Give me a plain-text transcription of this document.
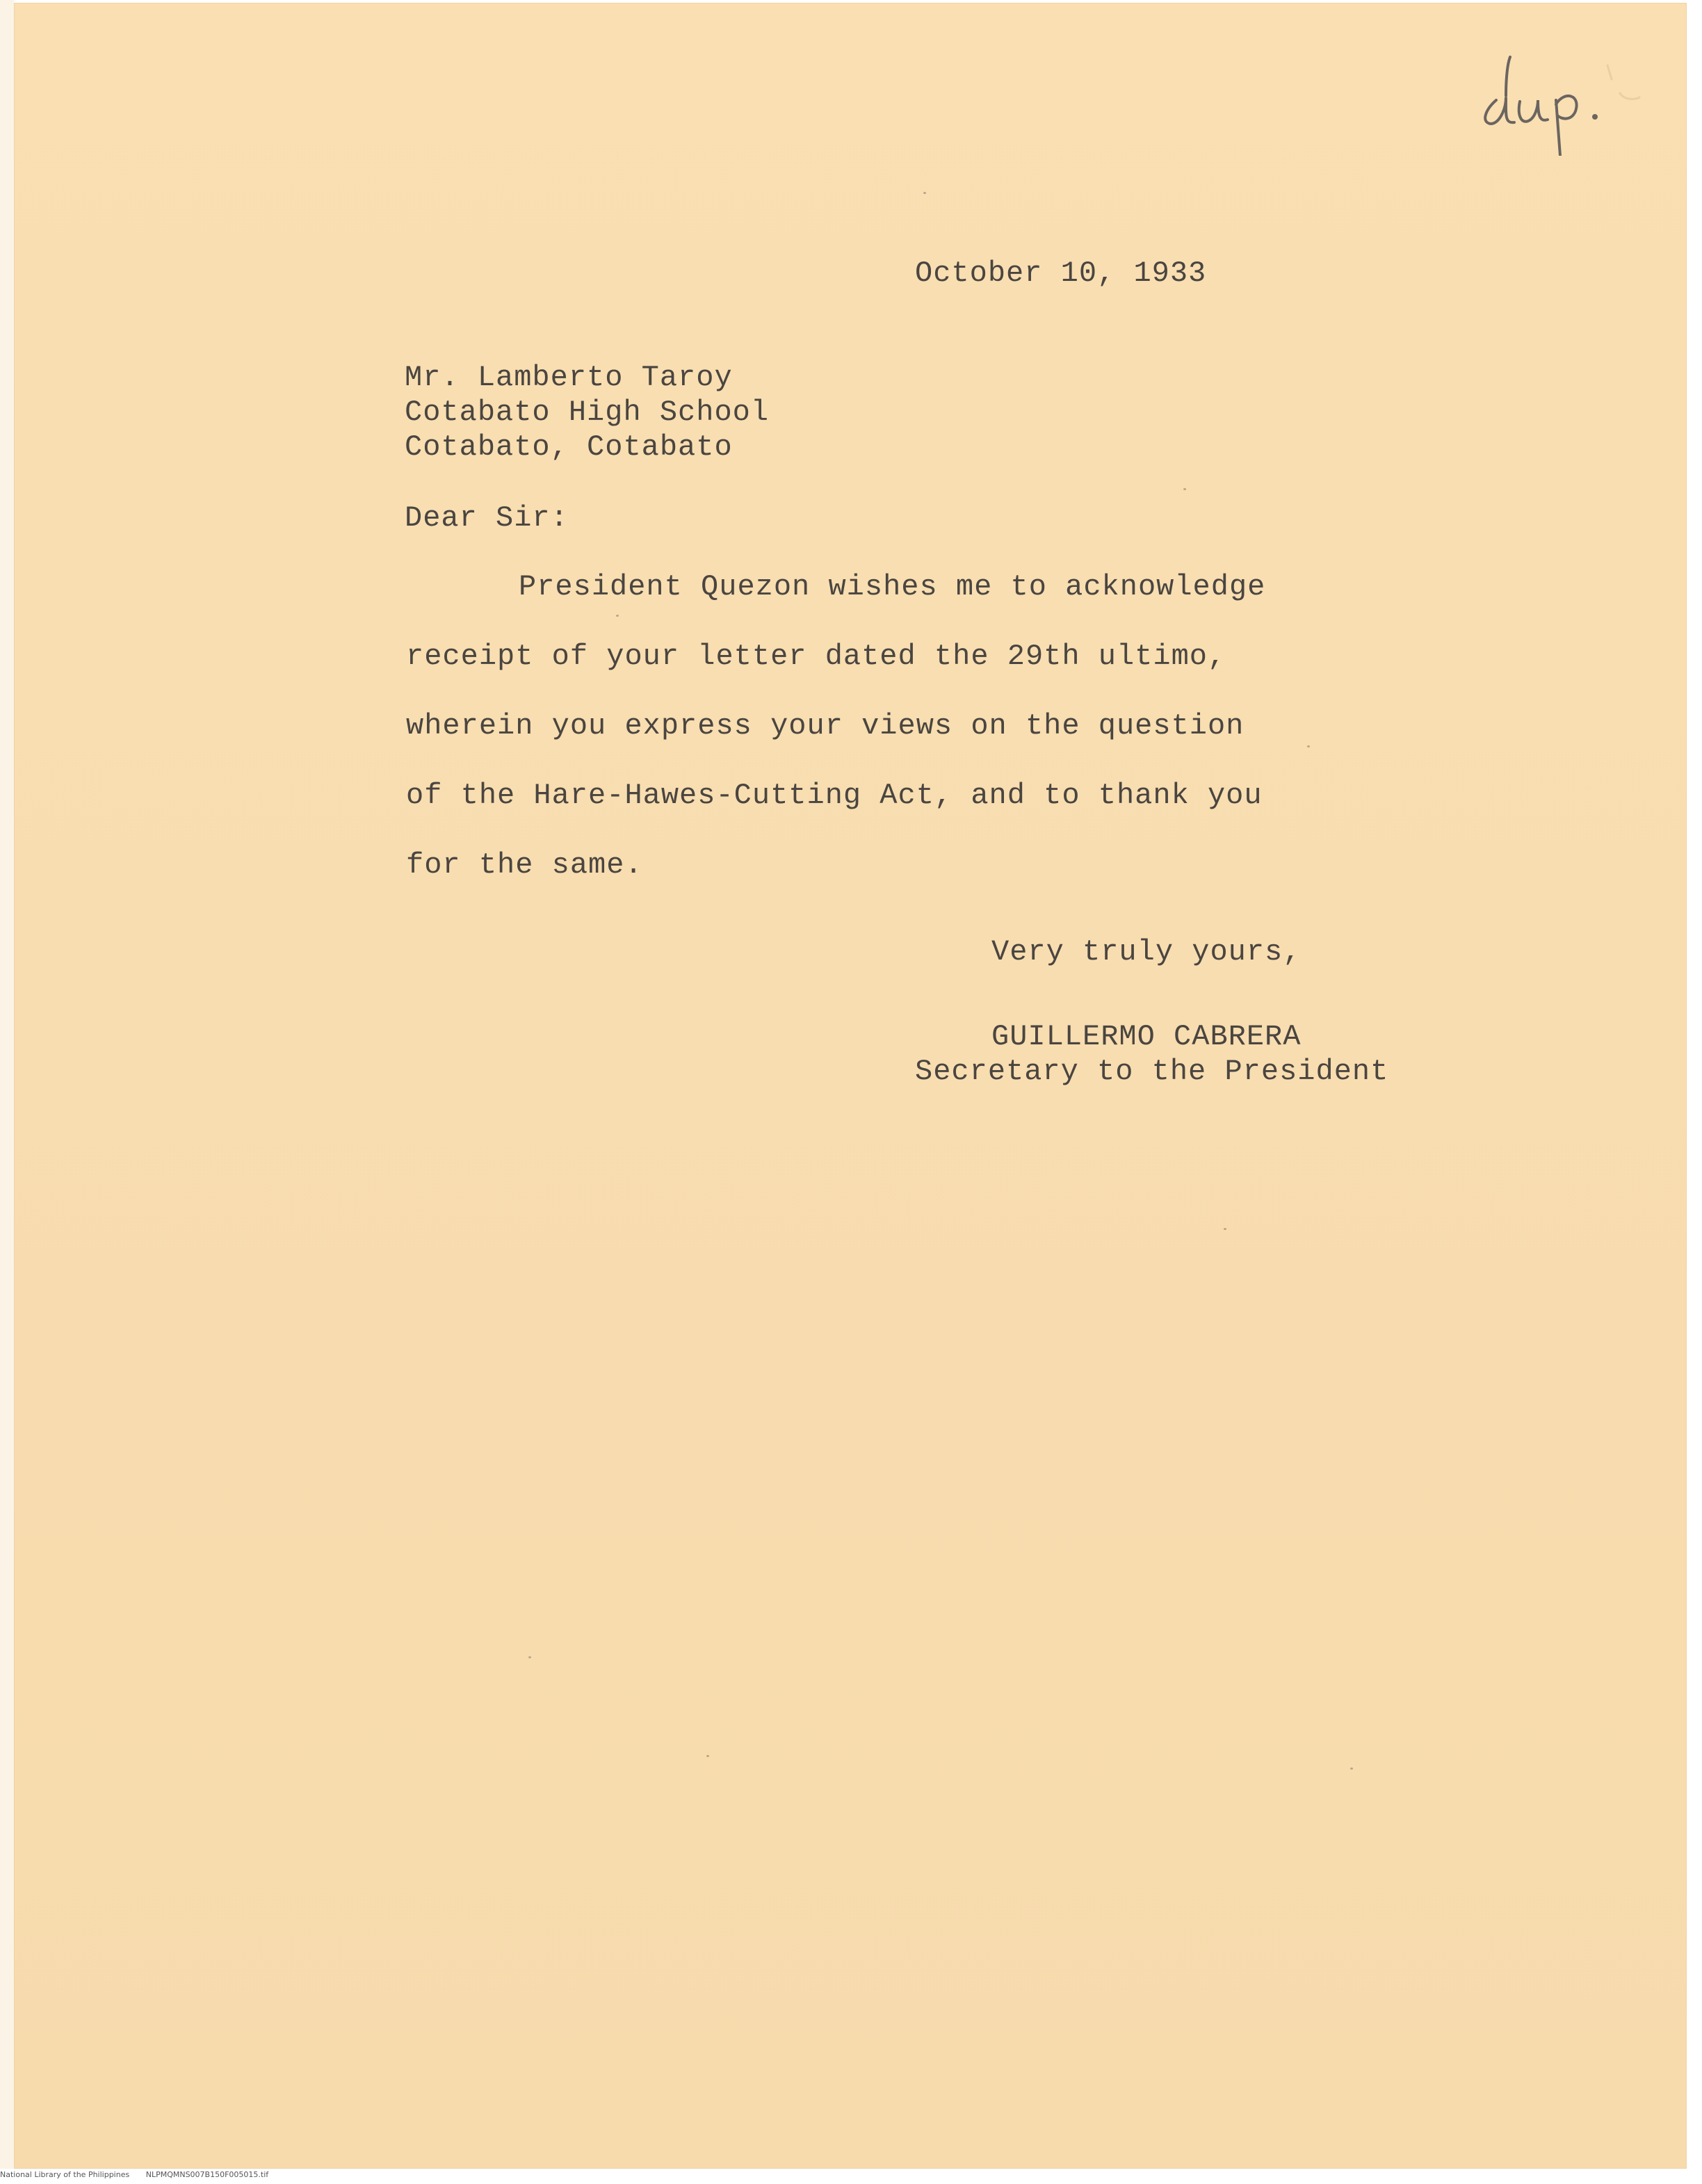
October 10, 1933

Mr. Lamberto Taroy

Cotabato High School

Cotabato, Cotabato

Dear Sir:

President Quezon wishes me to acknowledge

receipt of your letter dated the 29th ultimo,

wherein you express your views on the question

of the Hare-Hawes-Cutting Act, and to thank you

for the same.

Very truly yours,

GUILLERMO CABRERA

Secretary to the President

National Library of the Philippines NLPMQMNS007B150F005015.tif
